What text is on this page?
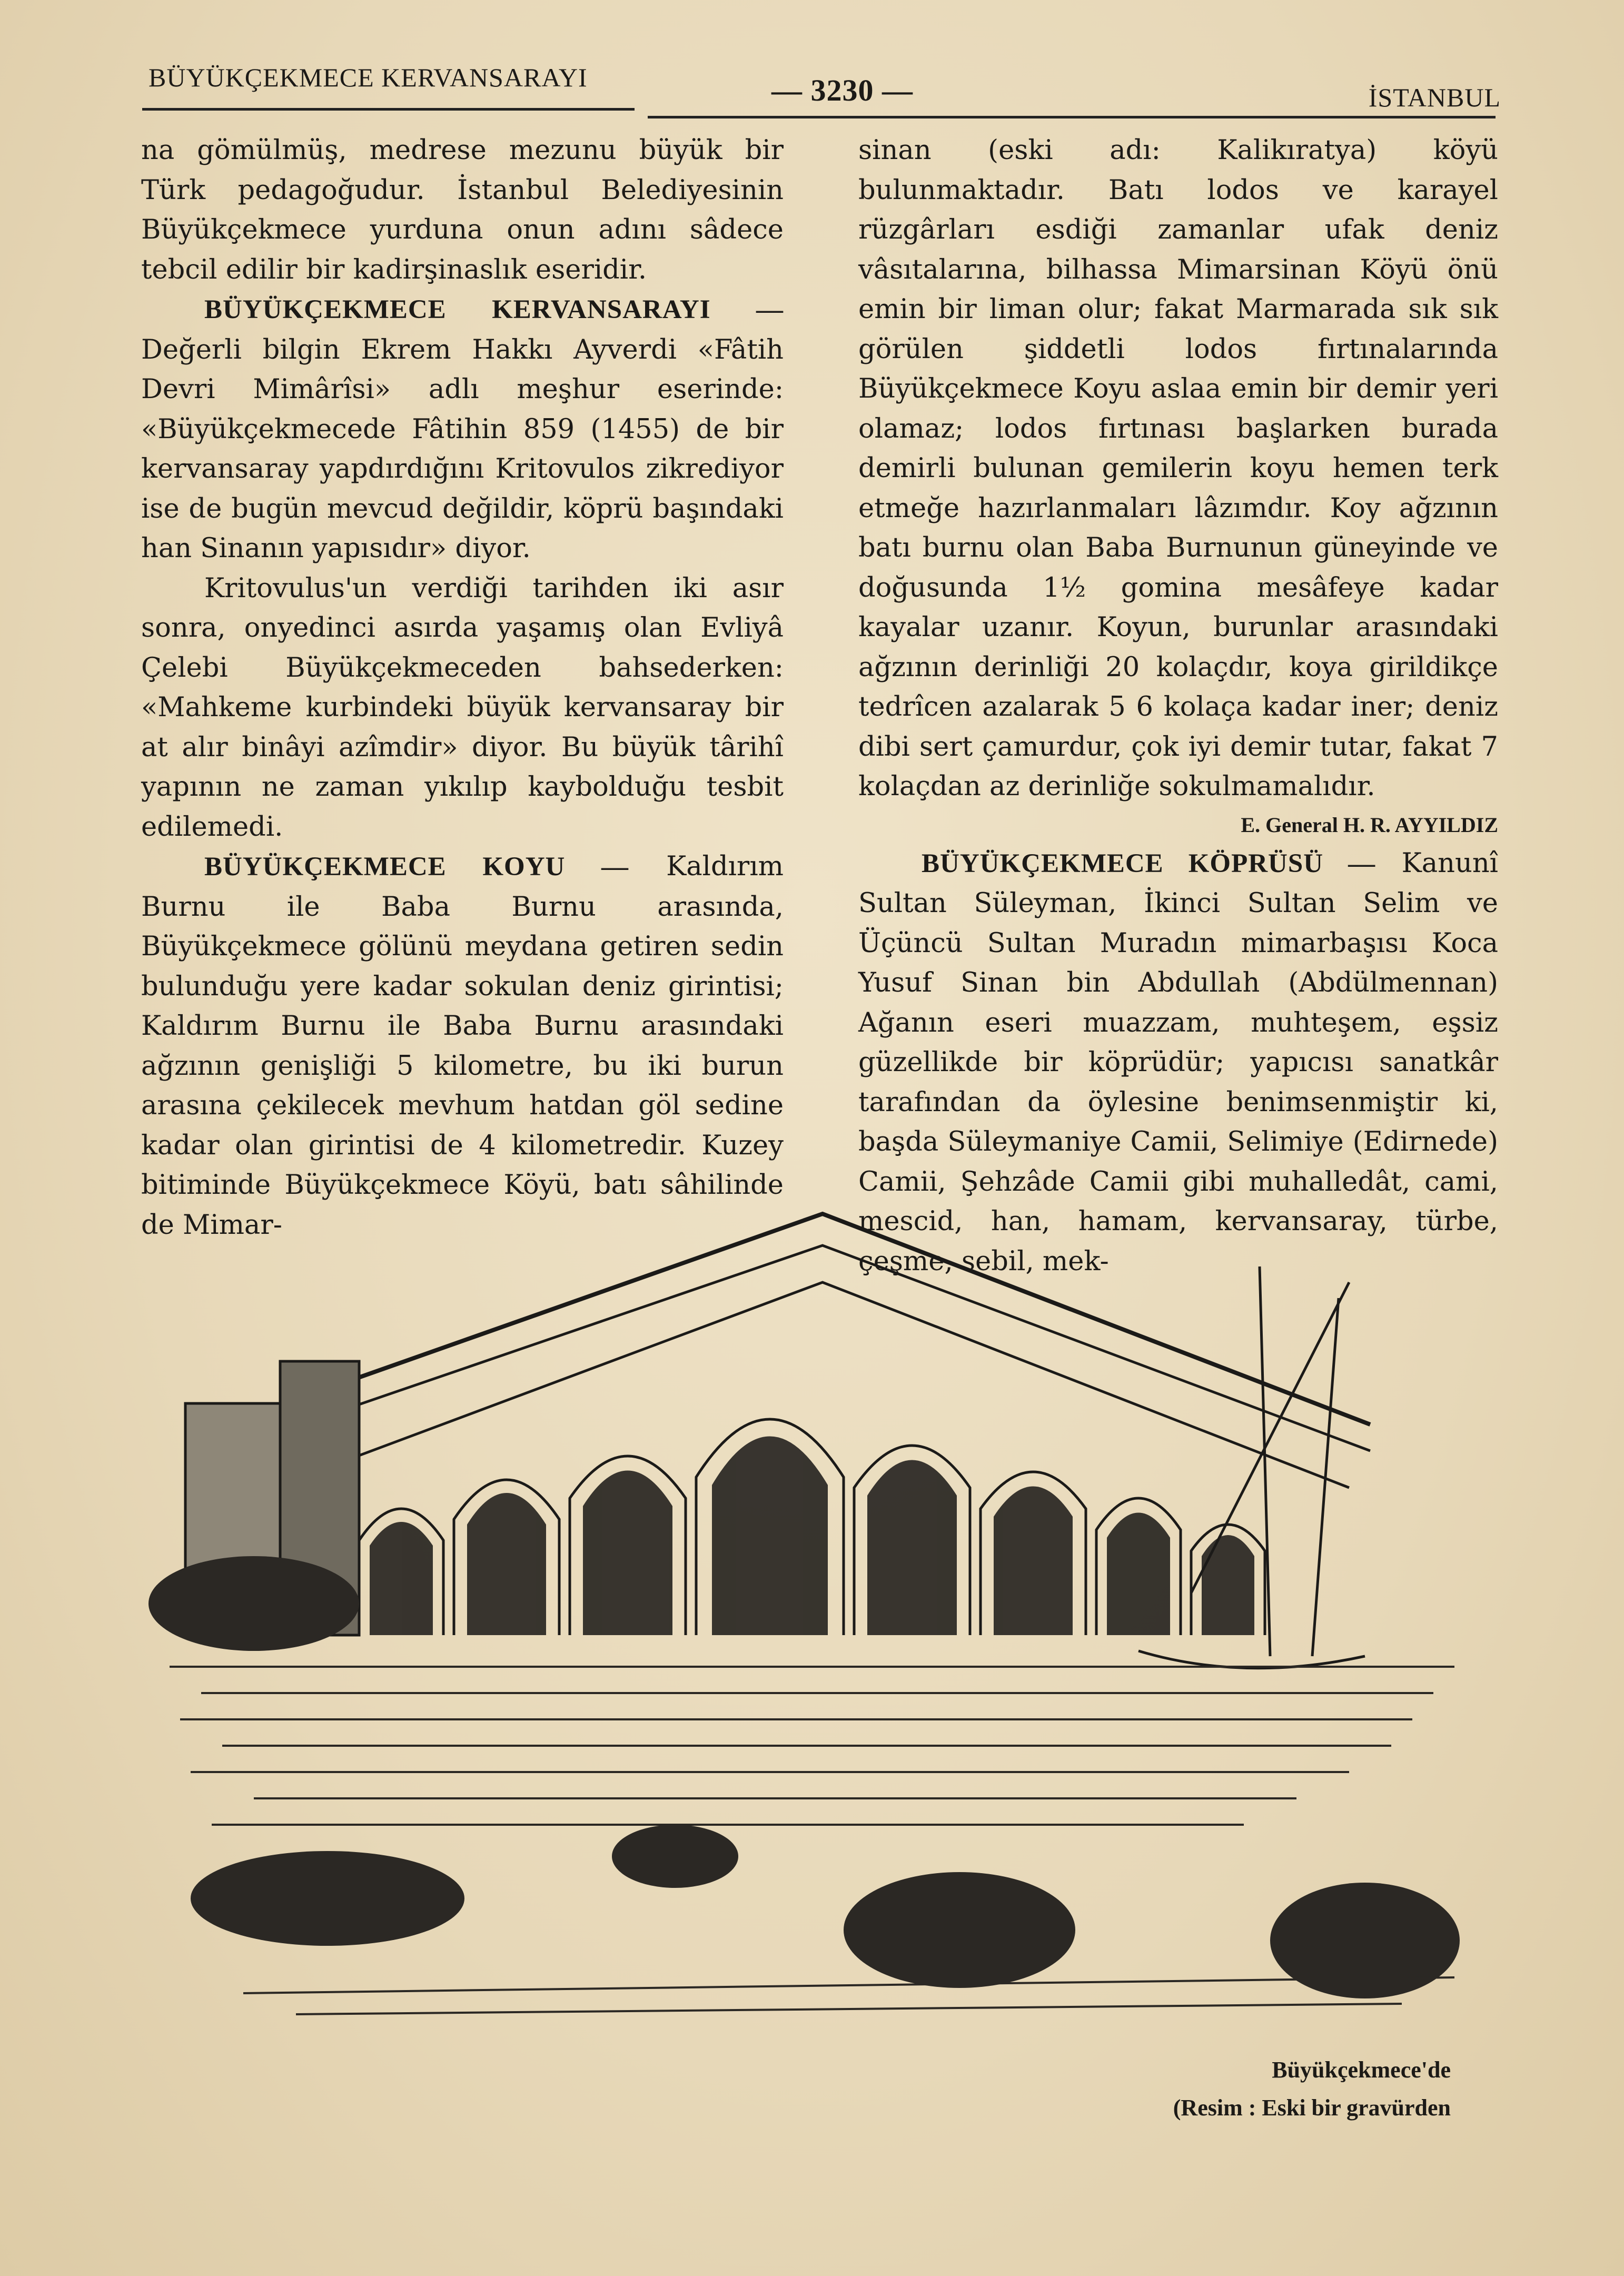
BÜYÜKÇEKMECE KERVANSARAYI	— 3230 —	İSTANBUL

na gömülmüş, medrese mezunu büyük bir Türk pedagoğudur. İstanbul Belediyesinin Büyükçekmece yurduna onun adını sâdece tebcil edilir bir kadirşinaslık eseridir.

BÜYÜKÇEKMECE KERVANSARAYI — Değerli bilgin Ekrem Hakkı Ayverdi «Fâtih Devri Mimârîsi» adlı meşhur eserinde: «Büyükçekmecede Fâtihin 859 (1455) de bir kervansaray yapdırdığını Kritovulos zikrediyor ise de bugün mevcud değildir, köprü başındaki han Sinanın yapısıdır» diyor.

Kritovulus'un verdiği tarihden iki asır sonra, onyedinci asırda yaşamış olan Evliyâ Çelebi Büyükçekmeceden bahsederken: «Mahkeme kurbindeki büyük kervansaray bir at alır binâyi azîmdir» diyor. Bu büyük târihî yapının ne zaman yıkılıp kaybolduğu tesbit edilemedi.

BÜYÜKÇEKMECE KOYU — Kaldırım Burnu ile Baba Burnu arasında, Büyükçekmece gölünü meydana getiren sedin bulunduğu yere kadar sokulan deniz girintisi; Kaldırım Burnu ile Baba Burnu arasındaki ağzının genişliği 5 kilometre, bu iki burun arasına çekilecek mevhum hatdan göl sedine kadar olan girintisi de 4 kilometredir. Kuzey bitiminde Büyükçekmece Köyü, batı sâhilinde de Mimar-

sinan (eski adı: Kalikıratya) köyü bulunmaktadır. Batı lodos ve karayel rüzgârları esdiği zamanlar ufak deniz vâsıtalarına, bilhassa Mimarsinan Köyü önü emin bir liman olur; fakat Marmarada sık sık görülen şiddetli lodos fırtınalarında Büyükçekmece Koyu aslaa emin bir demir yeri olamaz; lodos fırtınası başlarken burada demirli bulunan gemilerin koyu hemen terk etmeğe hazırlanmaları lâzımdır. Koy ağzının batı burnu olan Baba Burnunun güneyinde ve doğusunda 1½ gomina mesâfeye kadar kayalar uzanır. Koyun, burunlar arasındaki ağzının derinliği 20 kolaçdır, koya girildikçe tedrîcen azalarak 5 6 kolaça kadar iner; deniz dibi sert çamurdur, çok iyi demir tutar, fakat 7 kolaçdan az derinliğe sokulmamalıdır.

E. General H. R. AYYILDIZ

BÜYÜKÇEKMECE KÖPRÜSÜ — Kanunî Sultan Süleyman, İkinci Sultan Selim ve Üçüncü Sultan Muradın mimarbaşısı Koca Yusuf Sinan bin Abdullah (Abdülmennan) Ağanın eseri muazzam, muhteşem, eşsiz güzellikde bir köprüdür; yapıcısı sanatkâr tarafından da öylesine benimsenmiştir ki, başda Süleymaniye Camii, Selimiye (Edirnede) Camii, Şehzâde Camii gibi muhalledât, cami, mescid, han, hamam, kervansaray, türbe, çeşme, sebil, mek-

Büyükçekmece'de
(Resim : Eski bir gravürden
